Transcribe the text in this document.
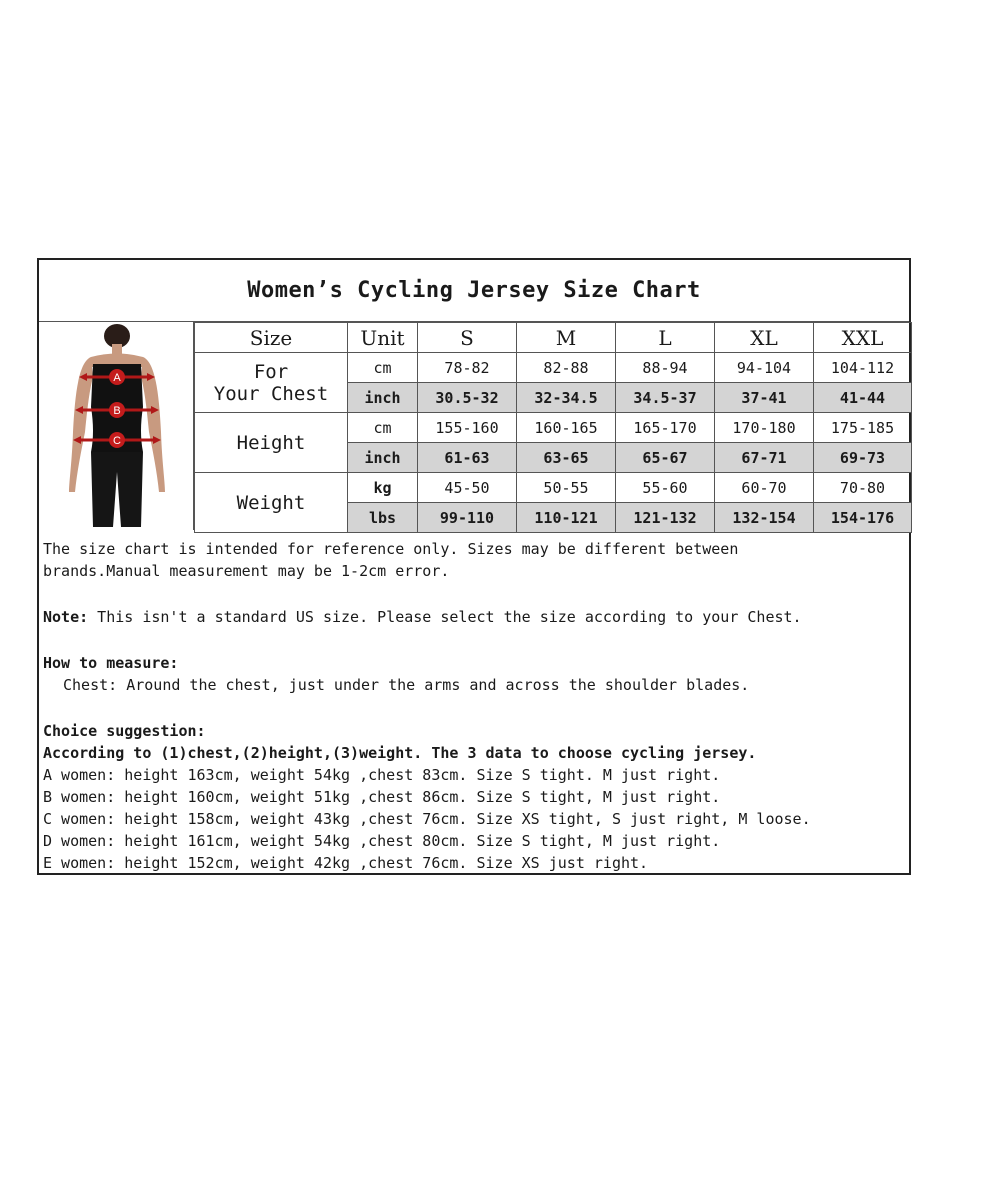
Women’s Cycling Jersey Size Chart
A
B
C
Size	Unit	S	M	L	XL	XXL

For
Your Chest	cm	78-82	82-88	88-94	94-104	104-112
	inch	30.5-32	32-34.5	34.5-37	37-41	41-44
Height	cm	155-160	160-165	165-170	170-180	175-185
	inch	61-63	63-65	65-67	67-71	69-73
Weight	kg	45-50	50-55	55-60	60-70	70-80
	lbs	99-110	110-121	121-132	132-154	154-176

The size chart is intended for reference only. Sizes may be different between

brands.Manual measurement may be 1-2cm error.

Note: This isn't a standard US size. Please select the size according to your Chest.

How to measure:

Chest: Around the chest, just under the arms and across the shoulder blades.

Choice suggestion:

According to (1)chest,(2)height,(3)weight. The 3 data to choose cycling jersey.

A women: height 163cm, weight 54kg ,chest 83cm. Size S tight. M just right.

B women: height 160cm, weight 51kg ,chest 86cm. Size S tight, M just right.

C women: height 158cm, weight 43kg ,chest 76cm. Size XS tight, S just right, M loose.

D women: height 161cm, weight 54kg ,chest 80cm. Size S tight, M just right.

E women: height 152cm, weight 42kg ,chest 76cm. Size XS just right.
